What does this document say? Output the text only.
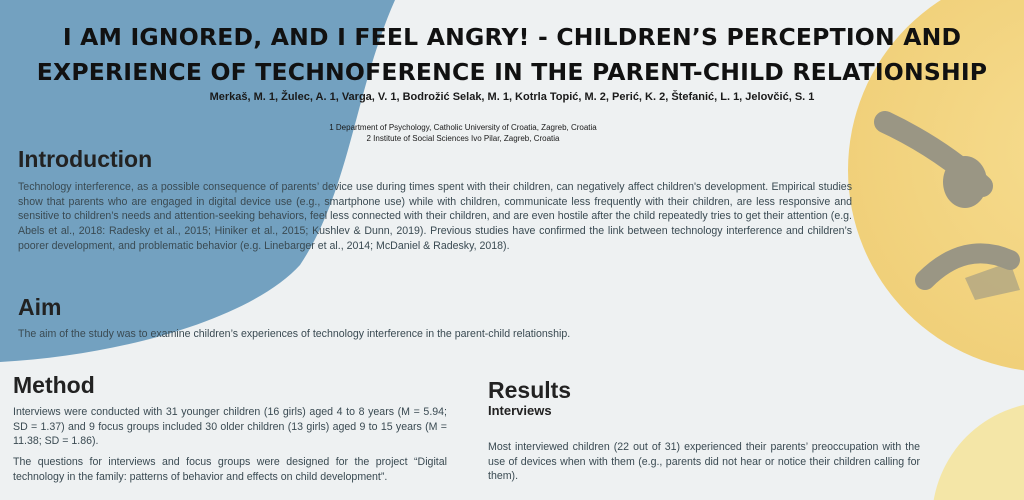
I AM IGNORED, AND I FEEL ANGRY! - CHILDREN’S PERCEPTION AND
EXPERIENCE OF TECHNOFERENCE IN THE PARENT-CHILD RELATIONSHIP
Merkaš, M. 1, Žulec, A. 1, Varga, V. 1, Bodrožić Selak, M. 1, Kotrla Topić, M. 2, Perić, K. 2, Štefanić, L. 1, Jelovčić, S. 1
1 Department of Psychology, Catholic University of Croatia, Zagreb, Croatia
2 Institute of Social Sciences Ivo Pilar, Zagreb, Croatia
Introduction

Technology interference, as a possible consequence of parents’ device use during times spent with their children, can negatively affect children's development. Empirical studies show that parents who are engaged in digital device use (e.g., smartphone use) while with children, communicate less frequently with their children, are less responsive and sensitive to children’s needs and attention-seeking behaviors, feel less connected with their children, and are even hostile after the child repeatedly tries to get their attention (e.g. Abels et al., 2018: Radesky et al., 2015; Hiniker et al., 2015; Kushlev & Dunn, 2019). Previous studies have confirmed the link between technology interference and children’s poorer development, and problematic behavior (e.g. Linebarger et al., 2014; McDaniel & Radesky, 2018).

Aim

The aim of the study was to examine children’s experiences of technology interference in the parent-child relationship.

Method

Interviews were conducted with 31 younger children (16 girls) aged 4 to 8 years (M = 5.94; SD = 1.37) and 9 focus groups included 30 older children (13 girls) aged 9 to 15 years (M = 11.38; SD = 1.86).

The questions for interviews and focus groups were designed for the project “Digital technology in the family: patterns of behavior and effects on child development”.

Results
Interviews

Most interviewed children (22 out of 31) experienced their parents’ preoccupation with the use of devices when with them (e.g., parents did not hear or notice their children calling for them).
